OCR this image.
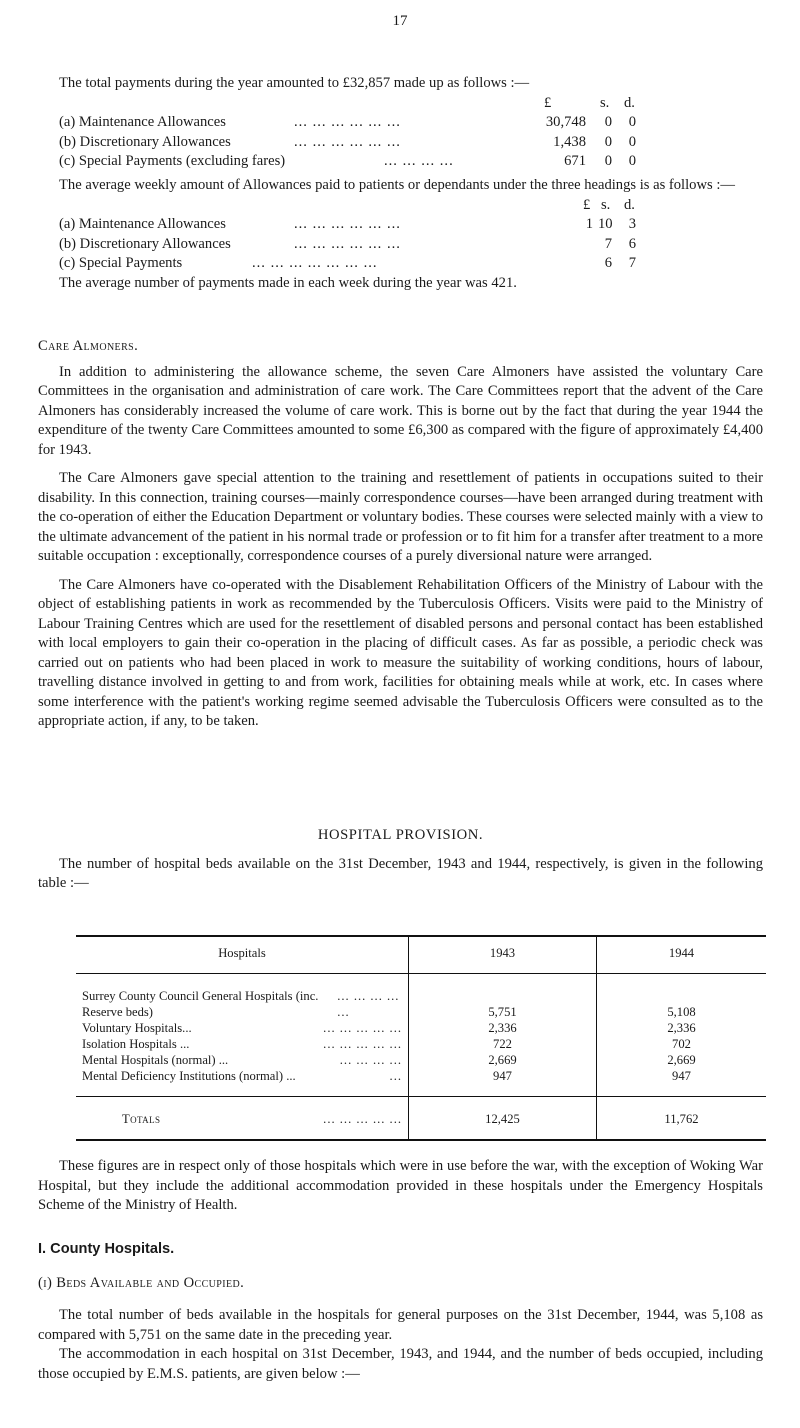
17

The total payments during the year amounted to £32,857 made up as follows :—

£	s. d.
(a) Maintenance Allowances	... ... ... ... ... ...	30,748	0	0
(b) Discretionary Allowances	... ... ... ... ... ...	1,438	0	0
(c) Special Payments (excluding fares)	... ... ... ...	671	0	0

The average weekly amount of Allowances paid to patients or dependants under the three headings is as follows :—

£ s. d.
(a) Maintenance Allowances	... ... ... ... ... ...	1 10	3
(b) Discretionary Allowances	... ... ... ... ... ...	7	6
(c) Special Payments	... ... ... ... ... ... ...	6	7

The average number of payments made in each week during the year was 421.

Care Almoners.

In addition to administering the allowance scheme, the seven Care Almoners have assisted the voluntary Care Committees in the organisation and administration of care work. The Care Committees report that the advent of the Care Almoners has considerably increased the volume of care work. This is borne out by the fact that during the year 1944 the expenditure of the twenty Care Committees amounted to some £6,300 as compared with the figure of approximately £4,400 for 1943.

The Care Almoners gave special attention to the training and resettlement of patients in occupations suited to their disability. In this connection, training courses—mainly correspondence courses—have been arranged during treatment with the co-operation of either the Education Department or voluntary bodies. These courses were selected mainly with a view to the ultimate advancement of the patient in his normal trade or profession or to fit him for a transfer after treatment to a more suitable occupation : exceptionally, correspondence courses of a purely diversional nature were arranged.

The Care Almoners have co-operated with the Disablement Rehabilitation Officers of the Ministry of Labour with the object of establishing patients in work as recommended by the Tuberculosis Officers. Visits were paid to the Ministry of Labour Training Centres which are used for the resettlement of disabled persons and personal contact has been established with local employers to gain their co-operation in the placing of difficult cases. As far as possible, a periodic check was carried out on patients who had been placed in work to measure the suitability of working conditions, hours of labour, travelling distance involved in getting to and from work, facilities for obtaining meals while at work, etc. In cases where some interference with the patient's working regime seemed advisable the Tuberculosis Officers were consulted as to the appropriate action, if any, to be taken.

HOSPITAL PROVISION.

The number of hospital beds available on the 31st December, 1943 and 1944, respectively, is given in the following table :—

Hospitals	1943	1944

Surrey County Council General Hospitals (inc. Reserve beds)
... ... ... ... ...	5,751	5,108

Voluntary Hospitals... ... ... ... ... ...	2,336	2,336

Isolation Hospitals ... ... ... ... ... ...	722	702

Mental Hospitals (normal) ... ... ... ... ...	2,669	2,669

Mental Deficiency Institutions (normal) ... ...	947	947

Totals ... ... ... ... ...	12,425	11,762

These figures are in respect only of those hospitals which were in use before the war, with the exception of Woking War Hospital, but they include the additional accommodation provided in these hospitals under the Emergency Hospitals Scheme of the Ministry of Health.

I. County Hospitals.

(i) Beds Available and Occupied.

The total number of beds available in the hospitals for general purposes on the 31st December, 1944, was 5,108 as compared with 5,751 on the same date in the preceding year.

The accommodation in each hospital on 31st December, 1943, and 1944, and the number of beds occupied, including those occupied by E.M.S. patients, are given below :—
